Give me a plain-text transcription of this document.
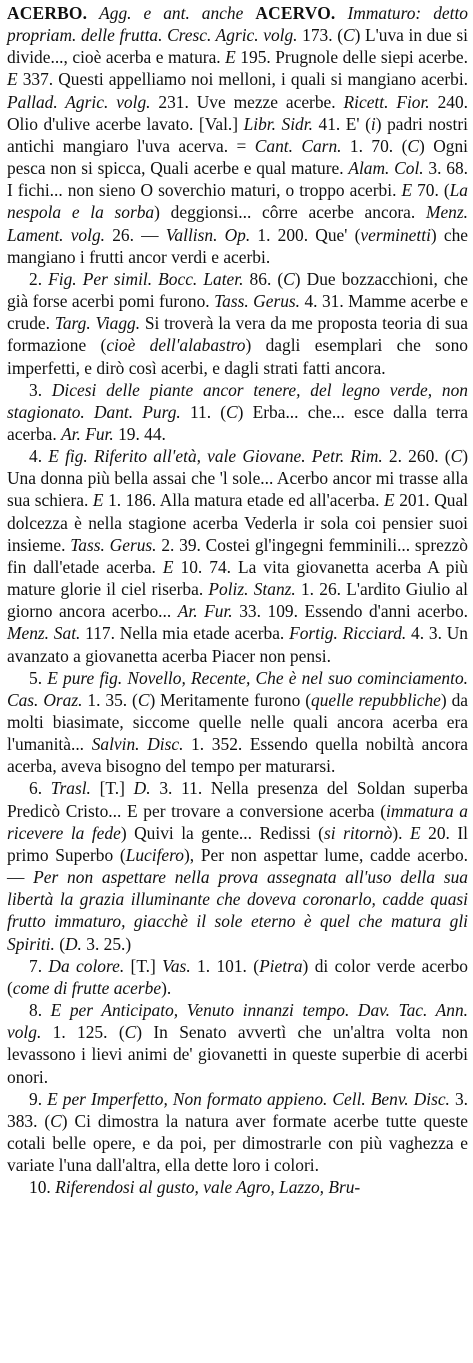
ACERBO. Agg. e ant. anche ACERVO. Immaturo: detto propriam. delle frutta. Cresc. Agric. volg. 173. (C) L'uva in due si divide..., cioè acerba e matura. E 195. Prugnole delle siepi acerbe. E 337. Questi appelliamo noi melloni, i quali si mangiano acerbi. Pallad. Agric. volg. 231. Uve mezze acerbe. Ricett. Fior. 240. Olio d'ulive acerbe lavato. [Val.] Libr. Sidr. 41. E' (i) padri nostri antichi mangiaro l'uva acerva. = Cant. Carn. 1. 70. (C) Ogni pesca non si spicca, Quali acerbe e qual mature. Alam. Col. 3. 68. I fichi... non sieno O soverchio maturi, o troppo acerbi. E 70. (La nespola e la sorba) deggionsi... côrre acerbe ancora. Menz. Lament. volg. 26. — Vallisn. Op. 1. 200. Que' (verminetti) che mangiano i frutti ancor verdi e acerbi.

2. Fig. Per simil. Bocc. Later. 86. (C) Due bozzacchioni, che già forse acerbi pomi furono. Tass. Gerus. 4. 31. Mamme acerbe e crude. Targ. Viagg. Si troverà la vera da me proposta teoria di sua formazione (cioè dell'alabastro) dagli esemplari che sono imperfetti, e dirò così acerbi, e dagli strati fatti ancora.

3. Dicesi delle piante ancor tenere, del legno verde, non stagionato. Dant. Purg. 11. (C) Erba... che... esce dalla terra acerba. Ar. Fur. 19. 44.

4. E fig. Riferito all'età, vale Giovane. Petr. Rim. 2. 260. (C) Una donna più bella assai che 'l sole... Acerbo ancor mi trasse alla sua schiera. E 1. 186. Alla matura etade ed all'acerba. E 201. Qual dolcezza è nella stagione acerba Vederla ir sola coi pensier suoi insieme. Tass. Gerus. 2. 39. Costei gl'ingegni femminili... sprezzò fin dall'etade acerba. E 10. 74. La vita giovanetta acerba A più mature glorie il ciel riserba. Poliz. Stanz. 1. 26. L'ardito Giulio al giorno ancora acerbo... Ar. Fur. 33. 109. Essendo d'anni acerbo. Menz. Sat. 117. Nella mia etade acerba. Fortig. Ricciard. 4. 3. Un avanzato a giovanetta acerba Piacer non pensi.

5. E pure fig. Novello, Recente, Che è nel suo cominciamento. Cas. Oraz. 1. 35. (C) Meritamente furono (quelle repubbliche) da molti biasimate, siccome quelle nelle quali ancora acerba era l'umanità... Salvin. Disc. 1. 352. Essendo quella nobiltà ancora acerba, aveva bisogno del tempo per maturarsi.

6. Trasl. [T.] D. 3. 11. Nella presenza del Soldan superba Predicò Cristo... E per trovare a conversione acerba (immatura a ricevere la fede) Quivi la gente... Redissi (si ritornò). E 20. Il primo Superbo (Lucifero), Per non aspettar lume, cadde acerbo. — Per non aspettare nella prova assegnata all'uso della sua libertà la grazia illuminante che doveva coronarlo, cadde quasi frutto immaturo, giacchè il sole eterno è quel che matura gli Spiriti. (D. 3. 25.)

7. Da colore. [T.] Vas. 1. 101. (Pietra) di color verde acerbo (come di frutte acerbe).

8. E per Anticipato, Venuto innanzi tempo. Dav. Tac. Ann. volg. 1. 125. (C) In Senato avvertì che un'altra volta non levassono i lievi animi de' giovanetti in queste superbie di acerbi onori.

9. E per Imperfetto, Non formato appieno. Cell. Benv. Disc. 3. 383. (C) Ci dimostra la natura aver formate acerbe tutte queste cotali belle opere, e da poi, per dimostrarle con più vaghezza e variate l'una dall'altra, ella dette loro i colori.

10. Riferendosi al gusto, vale Agro, Lazzo, Bru-
